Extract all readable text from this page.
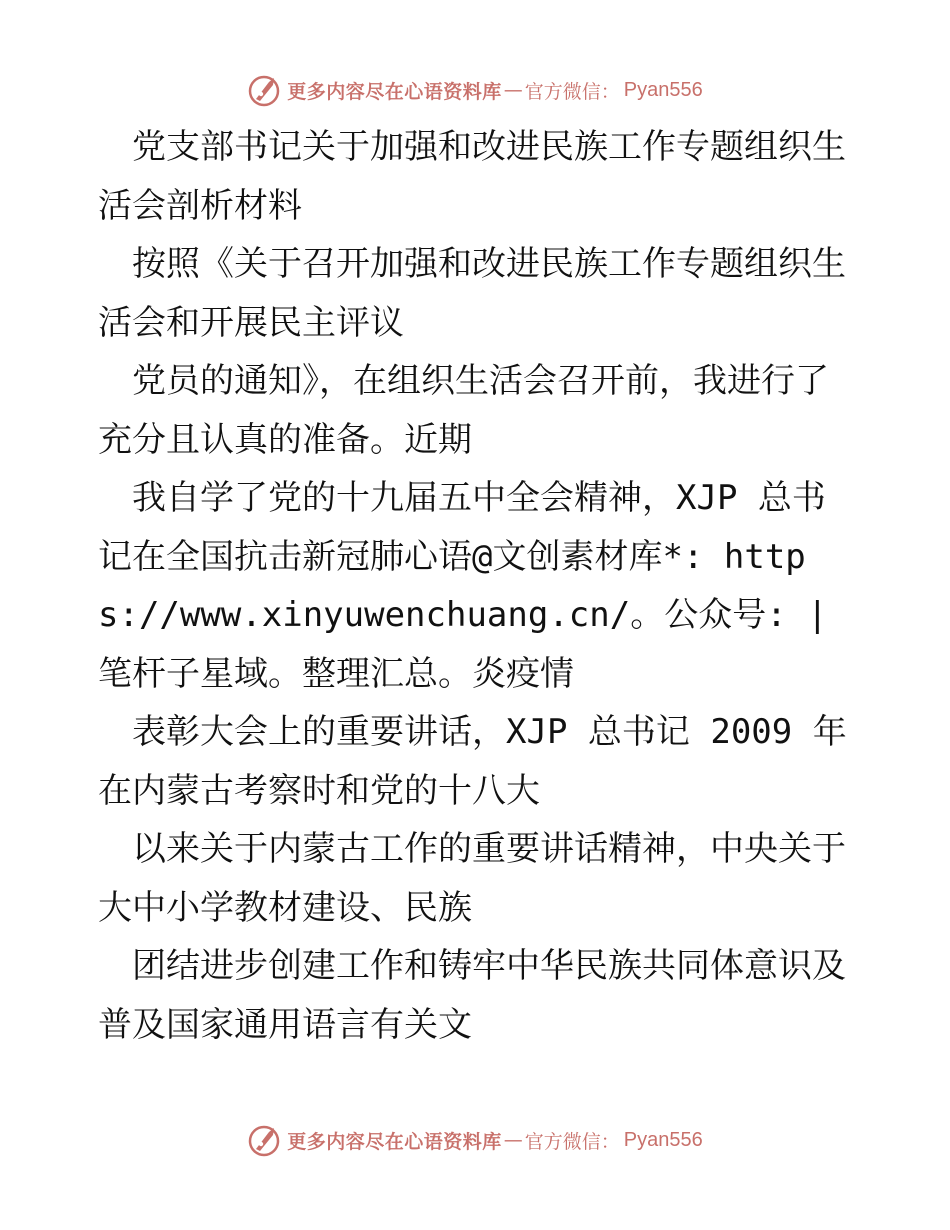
更多内容尽在心语资料库 — 官方微信： Pyan556

党支部书记关于加强和改进民族工作专题组织生活会剖析材料

按照《关于召开加强和改进民族工作专题组织生活会和开展民主评议

党员的通知》，在组织生活会召开前，我进行了充分且认真的准备。近期

我自学了党的十九届五中全会精神，XJP 总书记在全国抗击新冠肺心语@文创素材库*: https://www.xinyuwenchuang.cn/。公众号: |笔杆子星域。整理汇总。炎疫情

表彰大会上的重要讲话，XJP 总书记 2009 年在内蒙古考察时和党的十八大

以来关于内蒙古工作的重要讲话精神，中央关于大中小学教材建设、民族

团结进步创建工作和铸牢中华民族共同体意识及普及国家通用语言有关文

更多内容尽在心语资料库 — 官方微信： Pyan556
